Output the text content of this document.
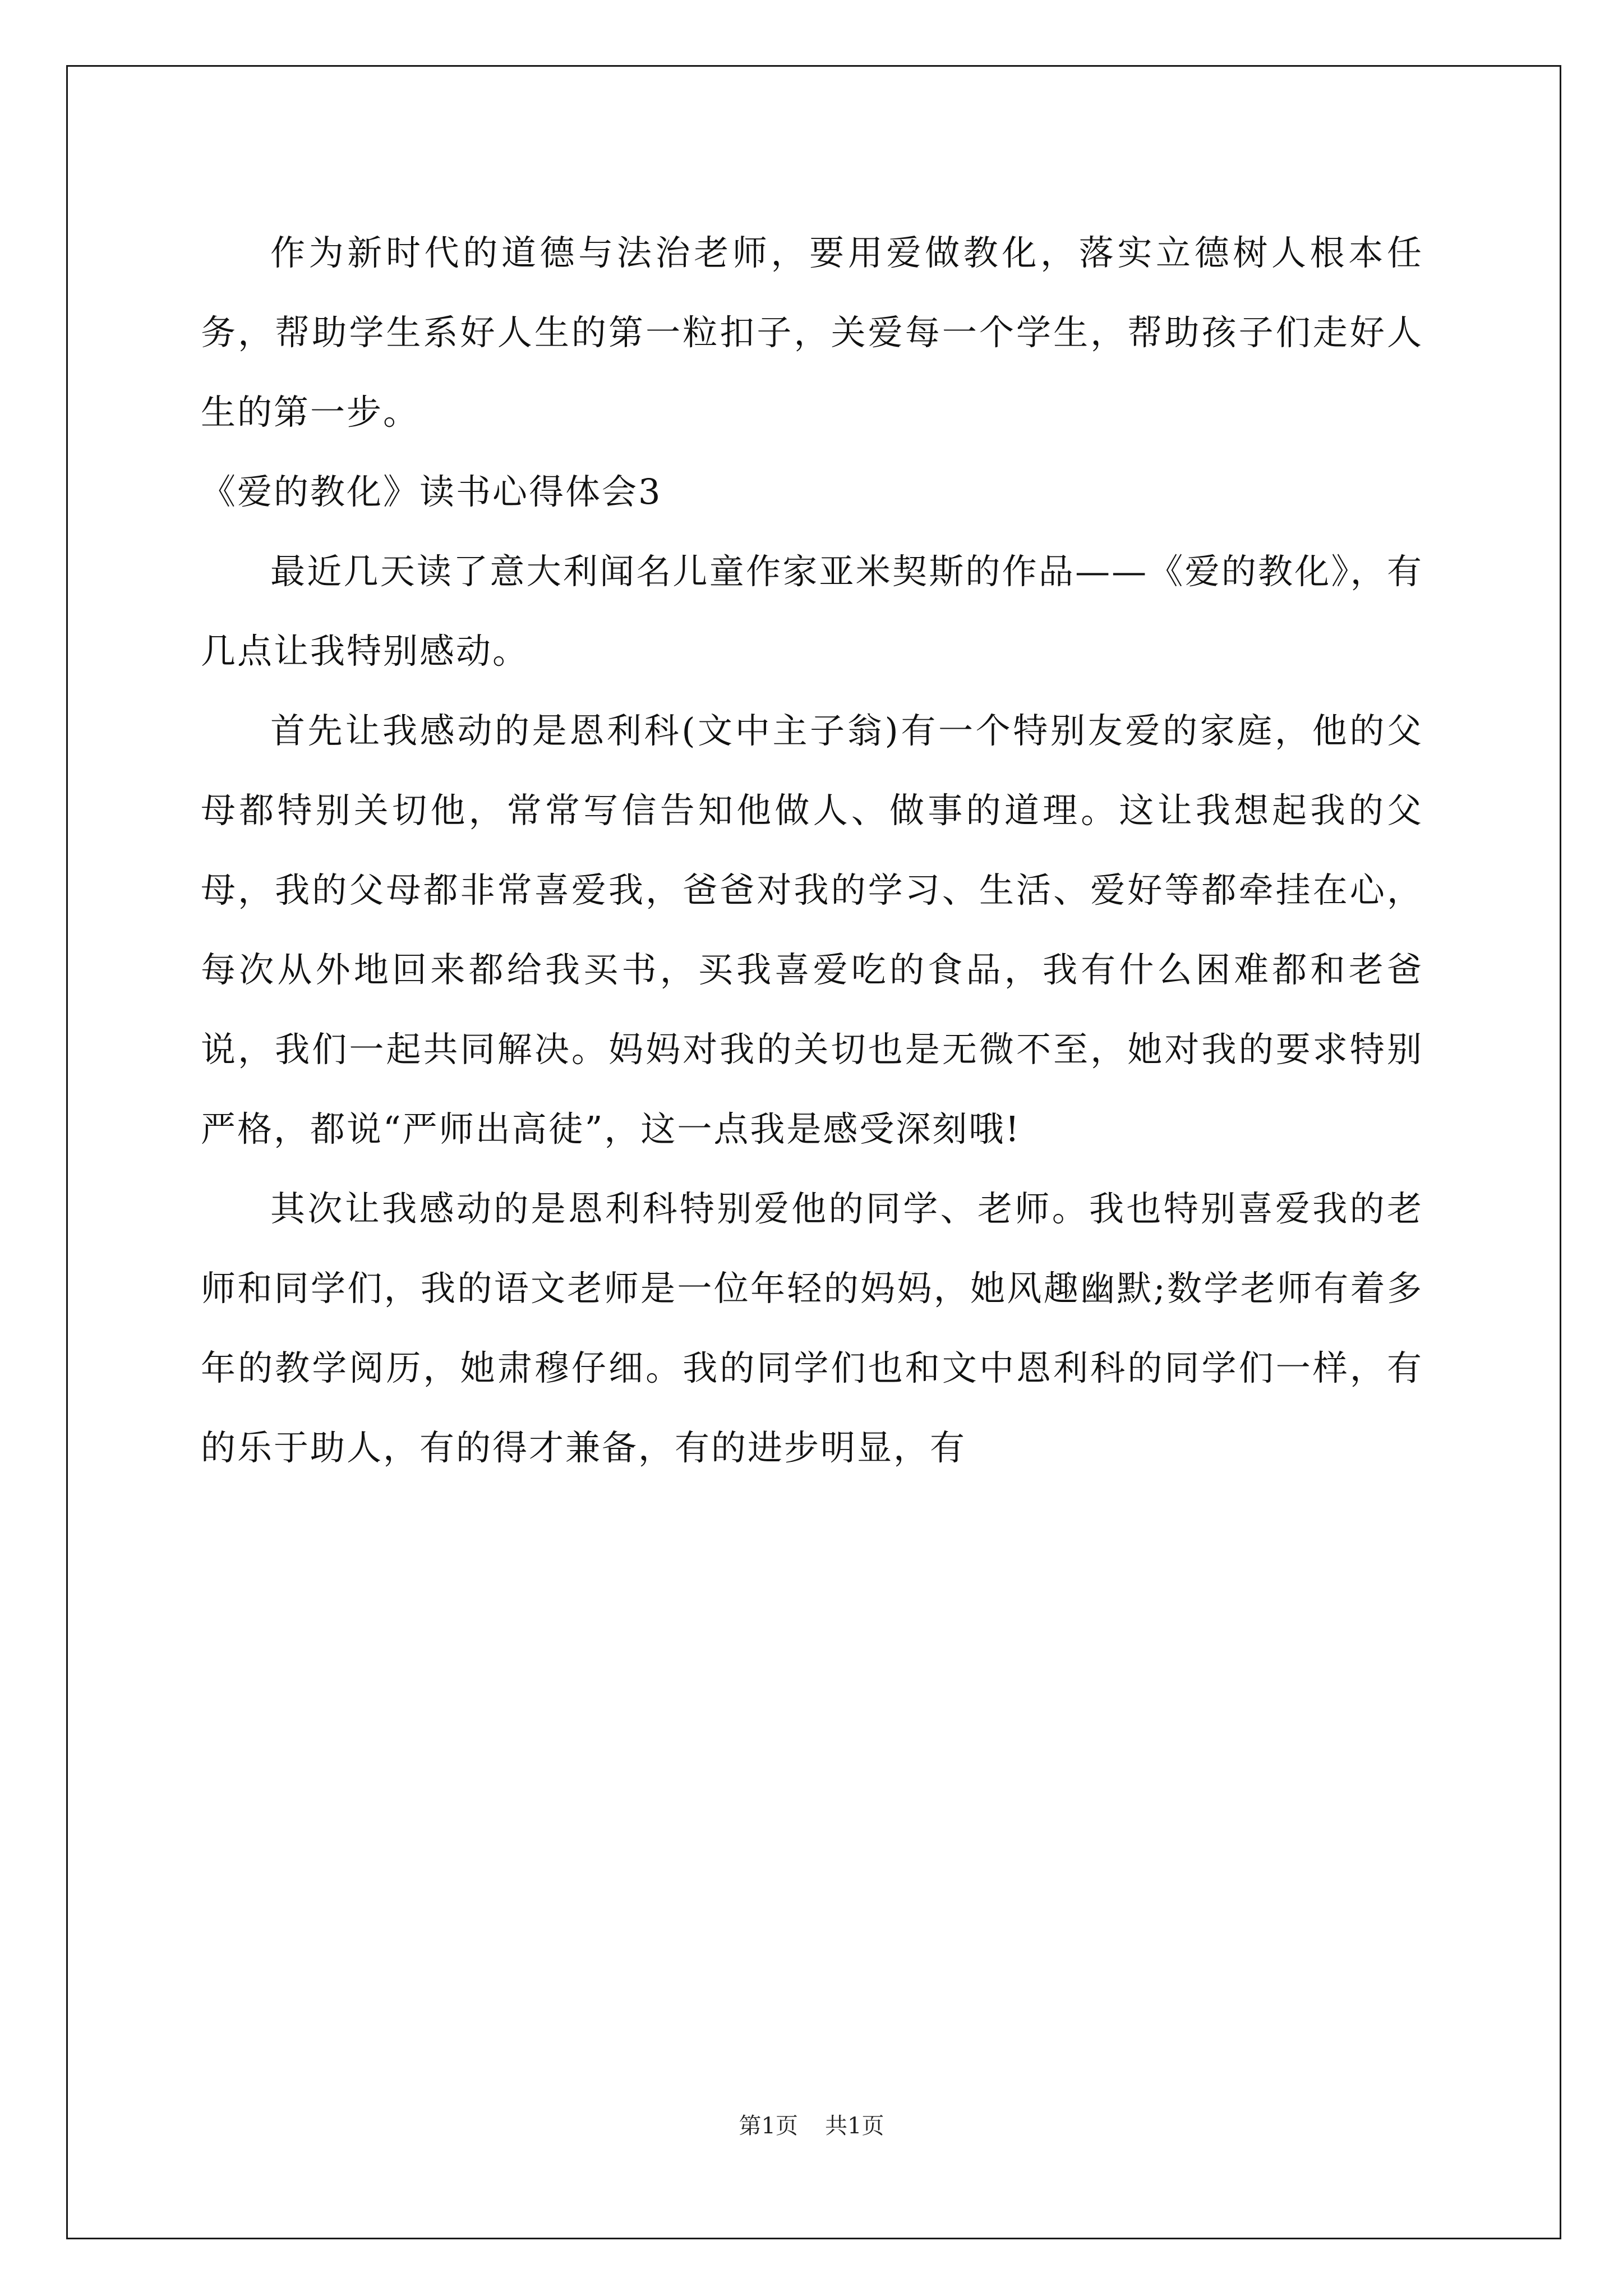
作为新时代的道德与法治老师，要用爱做教化，落实立德树人根本任务，帮助学生系好人生的第一粒扣子，关爱每一个学生，帮助孩子们走好人生的第一步。

《爱的教化》读书心得体会3

最近几天读了意大利闻名儿童作家亚米契斯的作品——《爱的教化》，有几点让我特别感动。

首先让我感动的是恩利科(文中主子翁)有一个特别友爱的家庭，他的父母都特别关切他，常常写信告知他做人、做事的道理。这让我想起我的父母，我的父母都非常喜爱我，爸爸对我的学习、生活、爱好等都牵挂在心，每次从外地回来都给我买书，买我喜爱吃的食品，我有什么困难都和老爸说，我们一起共同解决。妈妈对我的关切也是无微不至，她对我的要求特别严格，都说“严师出高徒”，这一点我是感受深刻哦!

其次让我感动的是恩利科特别爱他的同学、老师。我也特别喜爱我的老师和同学们，我的语文老师是一位年轻的妈妈，她风趣幽默;数学老师有着多年的教学阅历，她肃穆仔细。我的同学们也和文中恩利科的同学们一样，有的乐于助人，有的得才兼备，有的进步明显，有

第1页 共1页
